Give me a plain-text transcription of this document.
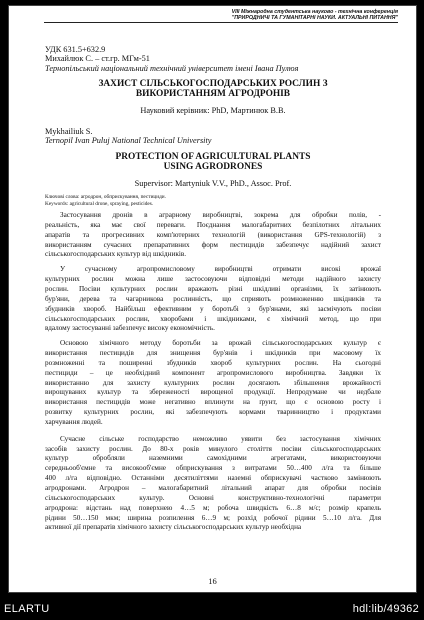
VIII Міжнародна студентська науково - технічна конференція
"ПРИРОДНИЧІ ТА ГУМАНІТАРНІ НАУКИ. АКТУАЛЬНІ ПИТАННЯ"
УДК 631.5+632.9
Михайлюк С. – ст.гр. МГм-51
Тернопільський національний технічний університет імені Івана Пулюя
ЗАХИСТ СІЛЬСЬКОГОСПОДАРСЬКИХ РОСЛИН З
ВИКОРИСТАННЯМ АГРОДРОНІВ
Науковий керівник: PhD, Мартинюк В.В.
Mykhailiuk S.
Ternopil Ivan Puluj National Technical University
PROTECTION OF AGRICULTURAL PLANTS
USING AGRODRONES
Supervisor: Martyniuk V.V., PhD., Assoc. Prof.
Ключові слова: агродрон, обприскування, пестициди.
Keywords: agricultural drone, spraying, pesticides.
Застосування дронів в аграрному виробництві, зокрема для обробки полів, -
реальність, яка має свої переваги. Поєднання малогабаритних безпілотних літальних
апаратів та прогресивних комп'ютерних технологій (використання GPS-технологій) з
використанням сучасних препаративних форм пестицидів забезпечує надійний захист
сільськогосподарських культур від шкідників.
У сучасному агропромисловому виробництві отримати високі врожаї
культурних рослин можна лише застосовуючи відповідні методи надійного захисту
рослин. Посіви культурних рослин вражають різні шкідливі організми, їх затінюють
бур'яни, дерева та чагарникова рослинність, що сприяють розмноженню шкідників та
збудників хвороб. Найбільш ефективним у боротьбі з бур'янами, які засмічують посіви
сільськогосподарських рослин, хворобами і шкідниками, є хімічний метод, що при
вдалому застосуванні забезпечує високу економічність.
Основою хімічного методу боротьби за врожай сільськогосподарських культур є
використання пестицидів для знищення бур'янів і шкідників при масовому їх
розмноженні та поширенні збудників хвороб культурних рослин. На сьогодні
пестициди – це необхідний компонент агропромислового виробництва. Завдяки їх
використанню для захисту культурних рослин досягають збільшення врожайності
вирощуваних культур та збереженості вирощеної продукції. Непродумане чи недбале
використання пестицидів може негативно вплинути на ґрунт, що є основою росту і
розвитку культурних рослин, які забезпечують кормами тваринництво і продуктами
харчування людей.
Сучасне сільське господарство неможливо уявити без застосування хімічних
засобів захисту рослин. До 80-х років минулого століття посіви сільськогосподарських
культур обробляли наземними самохідними агрегатами, використовуючи
середньооб'ємне та високооб'ємне обприскування з витратами 50…400 л/га та більше
400 л/га відповідно. Останніми десятиліттями наземні обприскувачі частково замінюють
агродронами. Агродрон – малогабаритний літальний апарат для обробки посівів
сільськогосподарських культур. Основні конструктивно-технологічні параметри
агродрона: відстань над поверхнею 4…5 м; робоча швидкість 6…8 м/с; розмір крапель
рідини 50…150 мкм; ширина розпилення 6…9 м; розхід робочої рідини 5…10 л/га. Для
активної дії препаратів хімічного захисту сільськогосподарських культур необхідна
16
ELARTU	hdl:lib/49362
